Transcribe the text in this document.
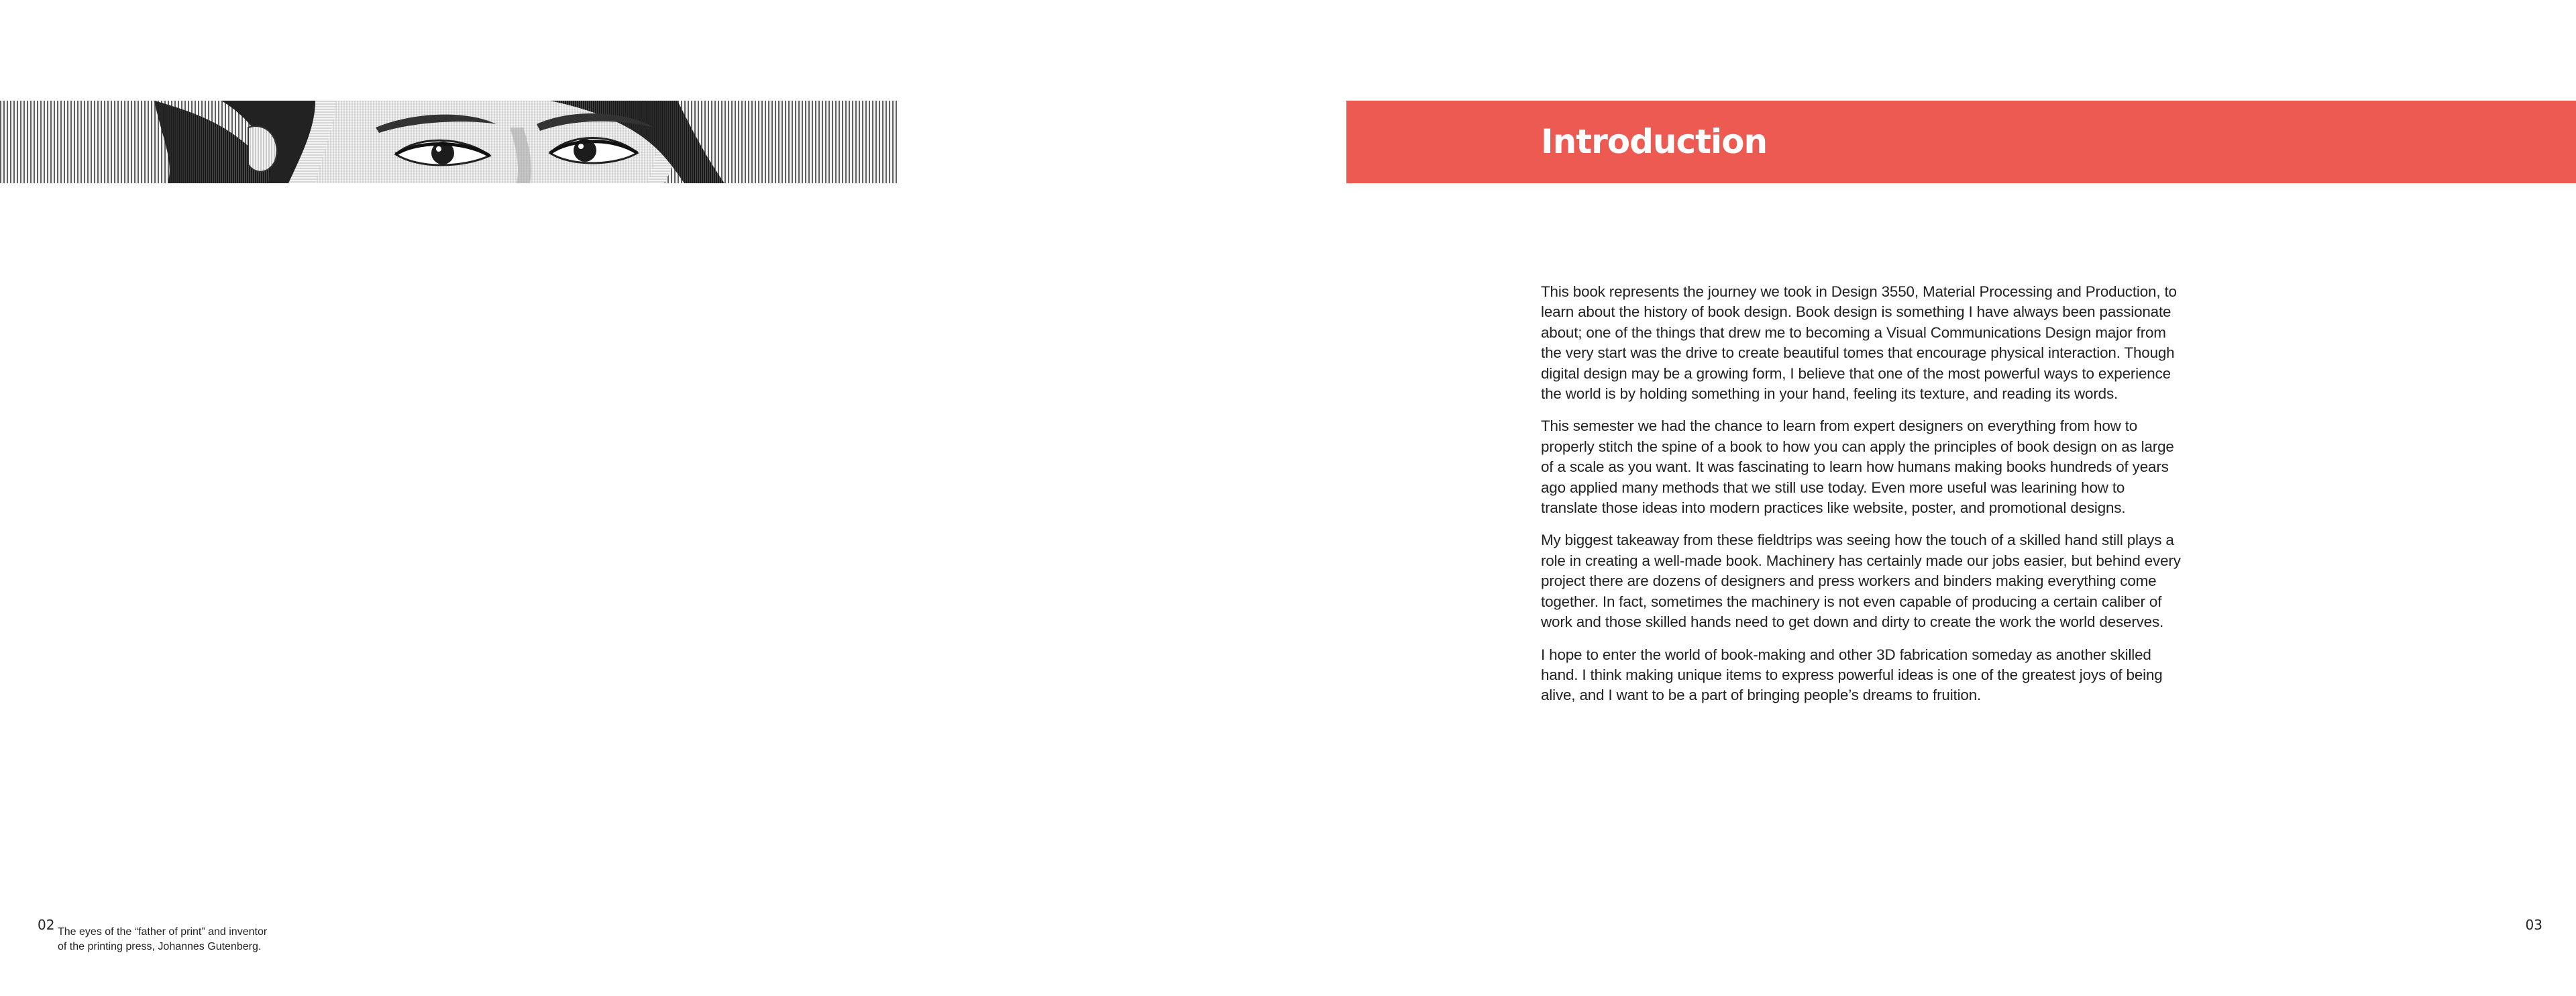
02 The eyes of the “father of print” and inventor
of the printing press, Johannes Gutenberg.
Introduction

This book represents the journey we took in Design 3550, Material Processing and Production, to learn about the history of book design. Book design is something I have always been passionate about; one of the things that drew me to becoming a Visual Communications Design major from the very start was the drive to create beautiful tomes that encourage physical interaction. Though digital design may be a growing form, I believe that one of the most powerful ways to experience the world is by holding something in your hand, feeling its texture, and reading its words.

This semester we had the chance to learn from expert designers on everything from how to properly stitch the spine of a book to how you can apply the principles of book design on as large of a scale as you want. It was fascinating to learn how humans making books hundreds of years ago applied many methods that we still use today. Even more useful was learining how to translate those ideas into modern practices like website, poster, and promotional designs.

My biggest takeaway from these fieldtrips was seeing how the touch of a skilled hand still plays a role in creating a well-made book. Machinery has certainly made our jobs easier, but behind every project there are dozens of designers and press workers and binders making everything come together. In fact, sometimes the machinery is not even capable of producing a certain caliber of work and those skilled hands need to get down and dirty to create the work the world deserves.

I hope to enter the world of book-making and other 3D fabrication someday as another skilled hand. I think making unique items to express powerful ideas is one of the greatest joys of being alive, and I want to be a part of bringing people’s dreams to fruition.

03
